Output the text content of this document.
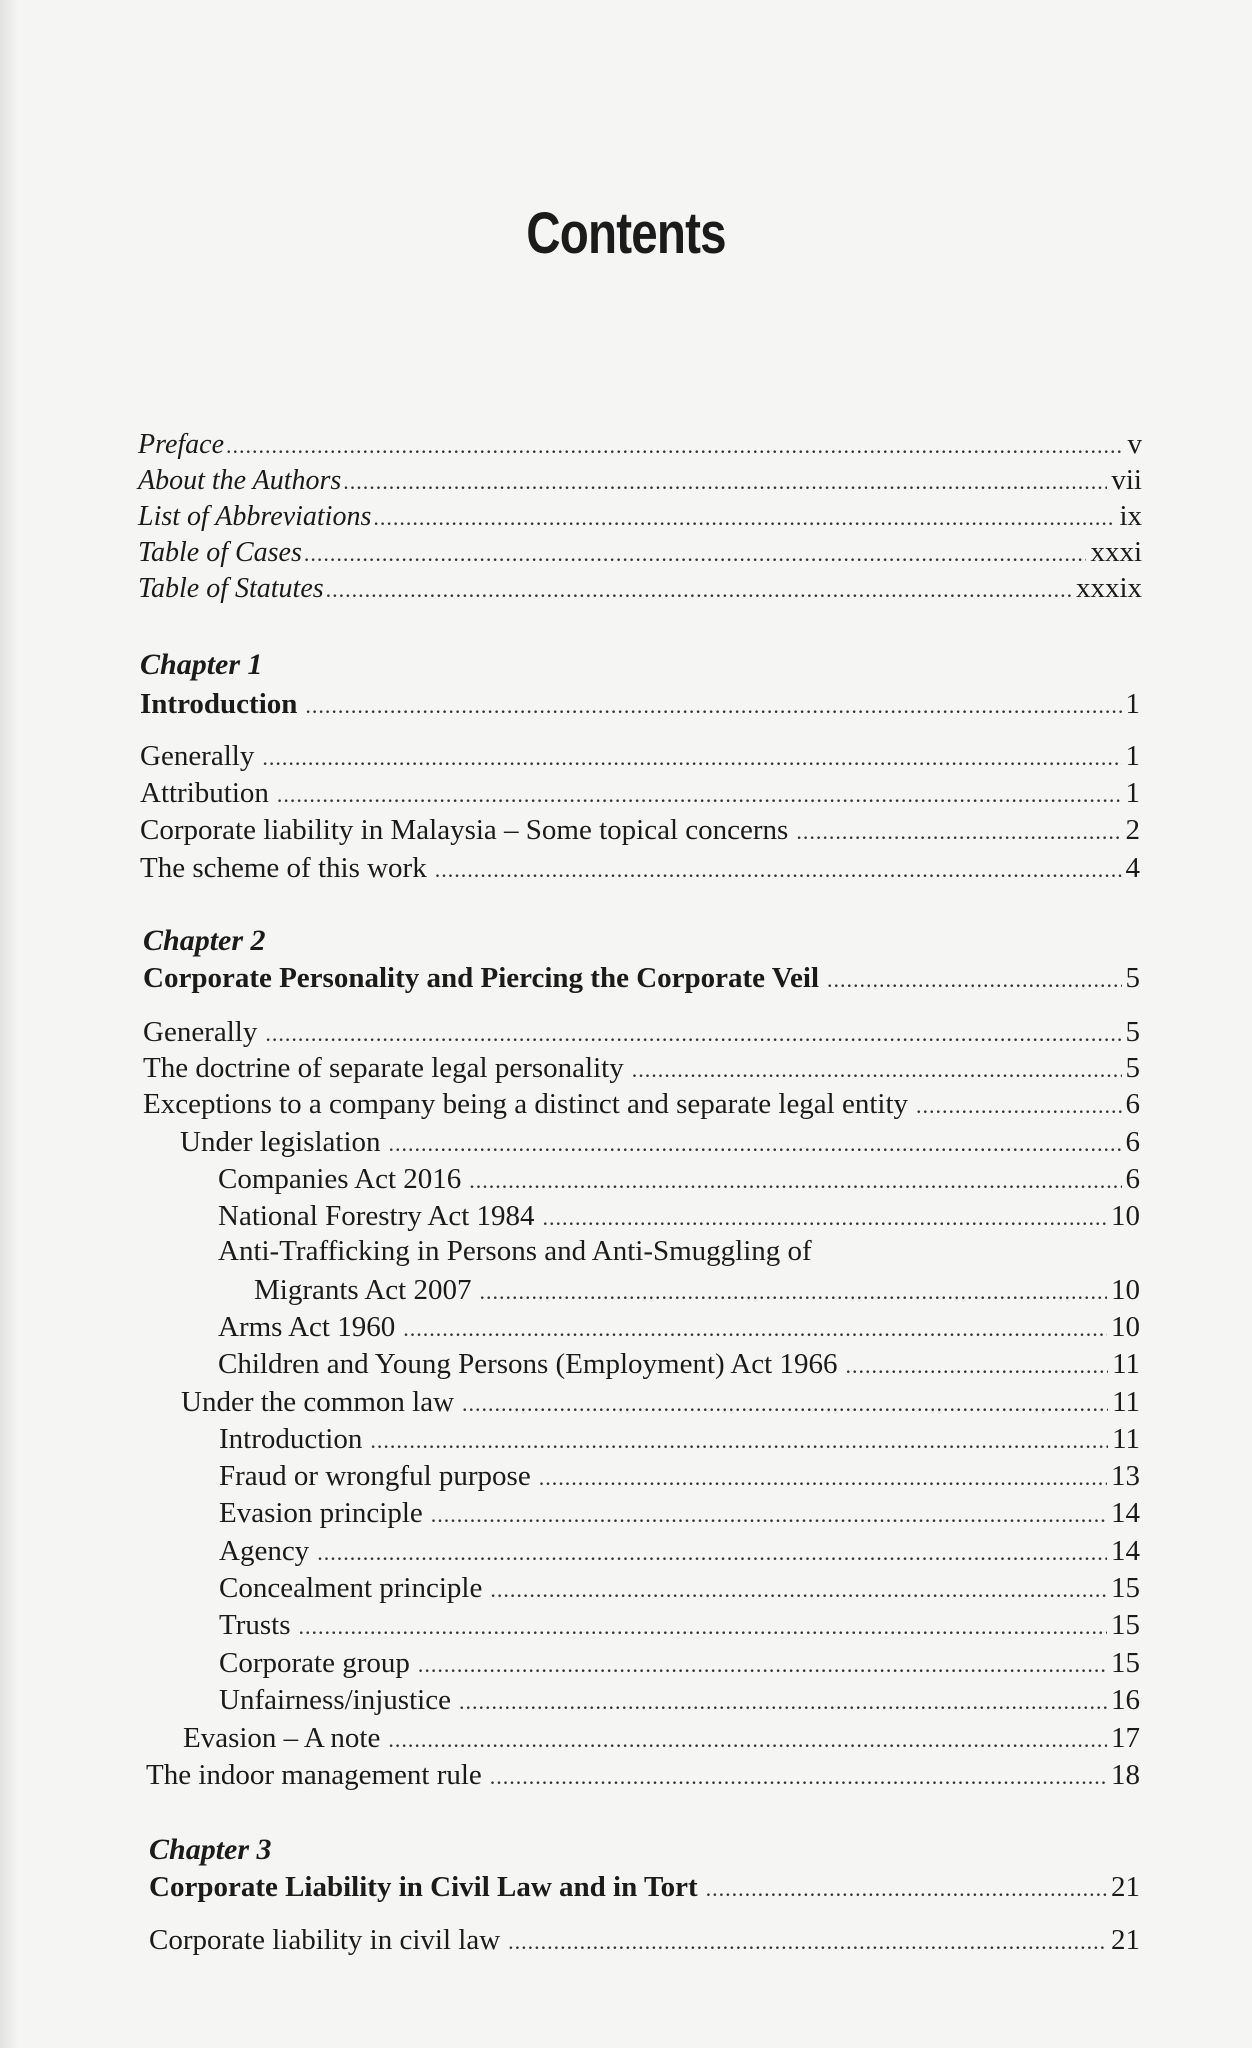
Contents
Preface .....	v
About the Authors .....	vii
List of Abbreviations .....	ix
Table of Cases .....	xxxi
Table of Statutes .....	xxxix
Chapter 1
Introduction .....	1
Generally .....	1
Attribution .....	1
Corporate liability in Malaysia – Some topical concerns .....	2
The scheme of this work .....	4
Chapter 2
Corporate Personality and Piercing the Corporate Veil .....	5
Generally .....	5
The doctrine of separate legal personality .....	5
Exceptions to a company being a distinct and separate legal entity .....	6
Under legislation .....	6
Companies Act 2016 .....	6
National Forestry Act 1984 .....	10
Anti-Trafficking in Persons and Anti-Smuggling of
Migrants Act 2007 .....	10
Arms Act 1960 .....	10
Children and Young Persons (Employment) Act 1966 .....	11
Under the common law .....	11
Introduction .....	11
Fraud or wrongful purpose .....	13
Evasion principle .....	14
Agency .....	14
Concealment principle .....	15
Trusts .....	15
Corporate group .....	15
Unfairness/injustice .....	16
Evasion – A note .....	17
The indoor management rule .....	18
Chapter 3
Corporate Liability in Civil Law and in Tort .....	21
Corporate liability in civil law .....	21
